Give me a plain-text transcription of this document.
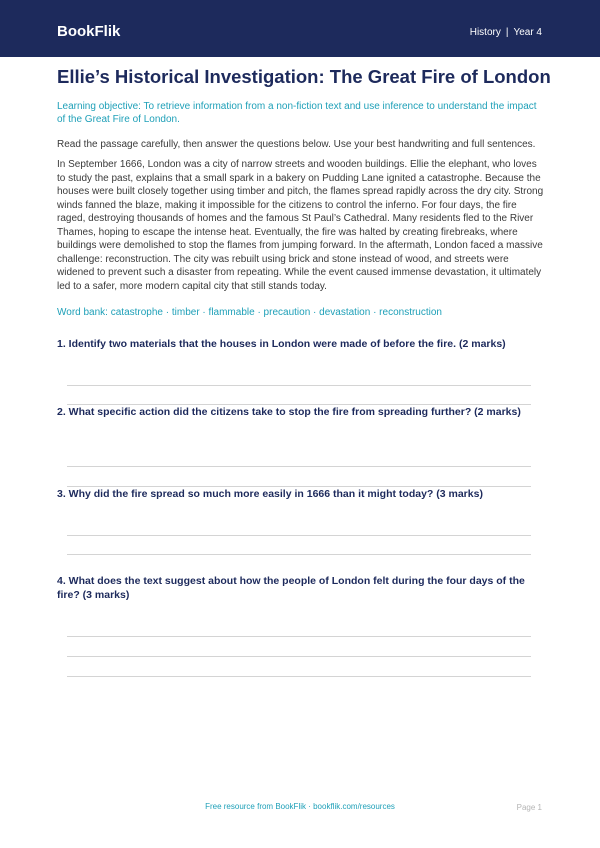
BookFlik	History | Year 4
Ellie’s Historical Investigation: The Great Fire of London

Learning objective: To retrieve information from a non-fiction text and use inference to understand the impact of the Great Fire of London.

Read the passage carefully, then answer the questions below. Use your best handwriting and full sentences.

In September 1666, London was a city of narrow streets and wooden buildings. Ellie the elephant, who loves to study the past, explains that a small spark in a bakery on Pudding Lane ignited a catastrophe. Because the houses were built closely together using timber and pitch, the flames spread rapidly across the dry city. Strong winds fanned the blaze, making it impossible for the citizens to control the inferno. For four days, the fire raged, destroying thousands of homes and the famous St Paul’s Cathedral. Many residents fled to the River Thames, hoping to escape the intense heat. Eventually, the fire was halted by creating firebreaks, where buildings were demolished to stop the flames from jumping forward. In the aftermath, London faced a massive challenge: reconstruction. The city was rebuilt using brick and stone instead of wood, and streets were widened to prevent such a disaster from repeating. While the event caused immense devastation, it ultimately led to a safer, more modern capital city that still stands today.

Word bank: catastrophe · timber · flammable · precaution · devastation · reconstruction

1. Identify two materials that the houses in London were made of before the fire. (2 marks)

2. What specific action did the citizens take to stop the fire from spreading further? (2 marks)

3. Why did the fire spread so much more easily in 1666 than it might today? (3 marks)

4. What does the text suggest about how the people of London felt during the four days of the fire? (3 marks)

Free resource from BookFlik · bookflik.com/resources	Page 1
